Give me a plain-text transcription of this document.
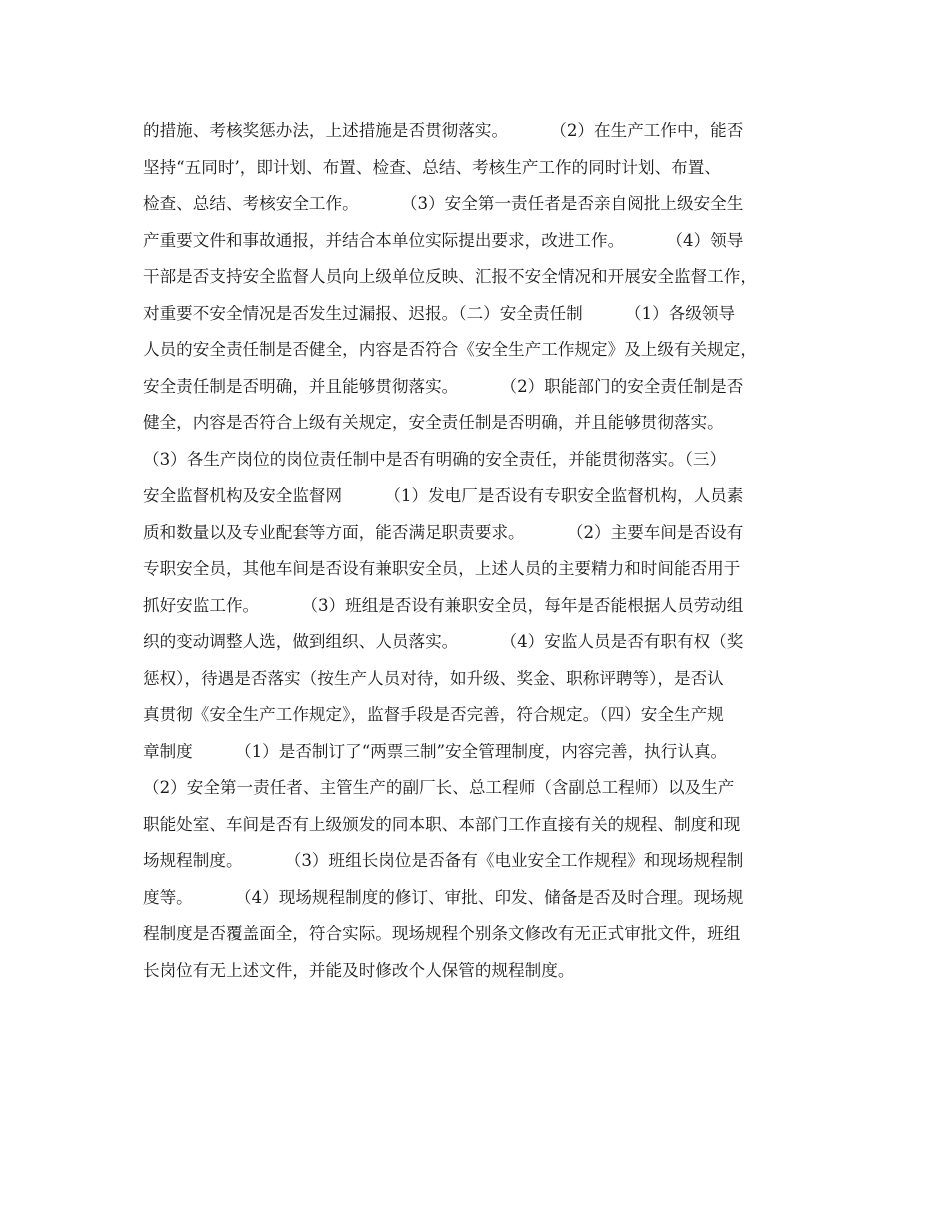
的措施、考核奖惩办法，上述措施是否贯彻落实。        （2）在生产工作中，能否
坚持“五同时’，即计划、布置、检查、总结、考核生产工作的同时计划、布置、
检查、总结、考核安全工作。        （3）安全第一责任者是否亲自阅批上级安全生
产重要文件和事故通报，并结合本单位实际提出要求，改进工作。        （4）领导
干部是否支持安全监督人员向上级单位反映、汇报不安全情况和开展安全监督工作，
对重要不安全情况是否发生过漏报、迟报。（二）安全责任制        （1）各级领导
人员的安全责任制是否健全，内容是否符合《安全生产工作规定》及上级有关规定，
安全责任制是否明确，并且能够贯彻落实。        （2）职能部门的安全责任制是否
健全，内容是否符合上级有关规定，安全责任制是否明确，并且能够贯彻落实。
（3）各生产岗位的岗位责任制中是否有明确的安全责任，并能贯彻落实。（三）
安全监督机构及安全监督网        （1）发电厂是否设有专职安全监督机构，人员素
质和数量以及专业配套等方面，能否满足职责要求。        （2）主要车间是否设有
专职安全员，其他车间是否设有兼职安全员，上述人员的主要精力和时间能否用于
抓好安监工作。        （3）班组是否设有兼职安全员，每年是否能根据人员劳动组
织的变动调整人选，做到组织、人员落实。        （4）安监人员是否有职有权（奖
惩权），待遇是否落实（按生产人员对待，如升级、奖金、职称评聘等），是否认
真贯彻《安全生产工作规定》，监督手段是否完善，符合规定。（四）安全生产规
章制度        （1）是否制订了“两票三制”安全管理制度，内容完善，执行认真。
（2）安全第一责任者、主管生产的副厂长、总工程师（含副总工程师）以及生产
职能处室、车间是否有上级颁发的同本职、本部门工作直接有关的规程、制度和现
场规程制度。        （3）班组长岗位是否备有《电业安全工作规程》和现场规程制
度等。        （4）现场规程制度的修订、审批、印发、储备是否及时合理。现场规
程制度是否覆盖面全，符合实际。现场规程个别条文修改有无正式审批文件，班组
长岗位有无上述文件，并能及时修改个人保管的规程制度。
